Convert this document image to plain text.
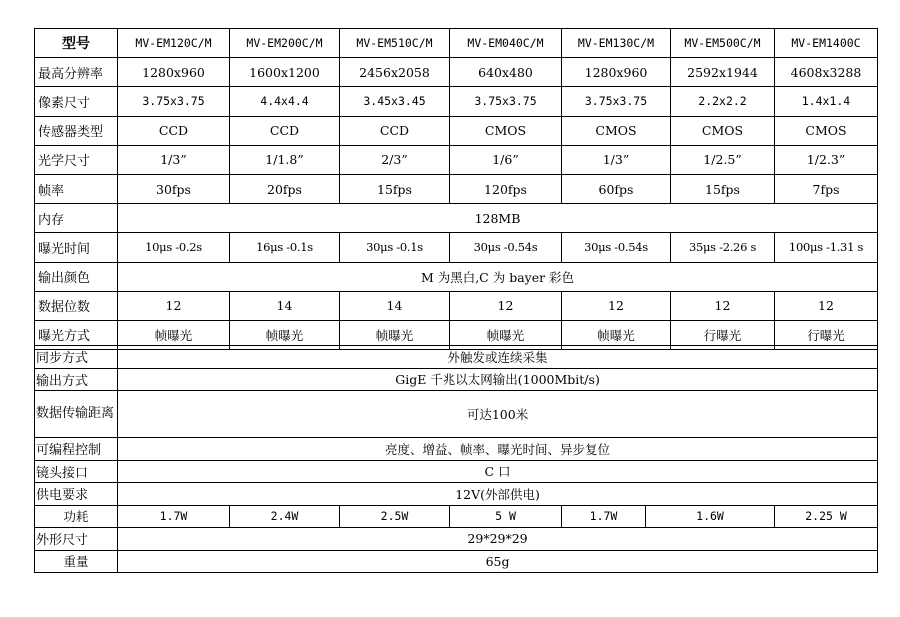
型号	MV-EM120C/M	MV-EM200C/M	MV-EM510C/M	MV-EM040C/M	MV-EM130C/M	MV-EM500C/M	MV-EM1400C
最高分辨率	1280x960	1600x1200	2456x2058	640x480	1280x960	2592x1944	4608x3288
像素尺寸	3.75x3.75	4.4x4.4	3.45x3.45	3.75x3.75	3.75x3.75	2.2x2.2	1.4x1.4
传感器类型	CCD	CCD	CCD	CMOS	CMOS	CMOS	CMOS
光学尺寸	1/3”	1/1.8”	2/3”	1/6”	1/3”	1/2.5”	1/2.3”
帧率	30fps	20fps	15fps	120fps	60fps	15fps	7fps
内存	128MB						
曝光时间	10μs -0.2s	16μs -0.1s	30μs -0.1s	30μs -0.54s	30μs -0.54s	35μs -2.26 s	100μs -1.31 s
输出颜色	M 为黑白,C 为 bayer 彩色						
数据位数	12	14	14	12	12	12	12
曝光方式	帧曝光	帧曝光	帧曝光	帧曝光	帧曝光	行曝光	行曝光
同步方式	外触发或连续采集						
输出方式	GigE 千兆以太网输出(1000Mbit/s)						
数据传输距离	可达100米						
可编程控制	亮度、增益、帧率、曝光时间、异步复位						
镜头接口	C 口						
供电要求	12V(外部供电)						
功耗	1.7W	2.4W	2.5W	5 W	1.7W	1.6W	2.25 W
外形尺寸	29*29*29						
重量	65g						
